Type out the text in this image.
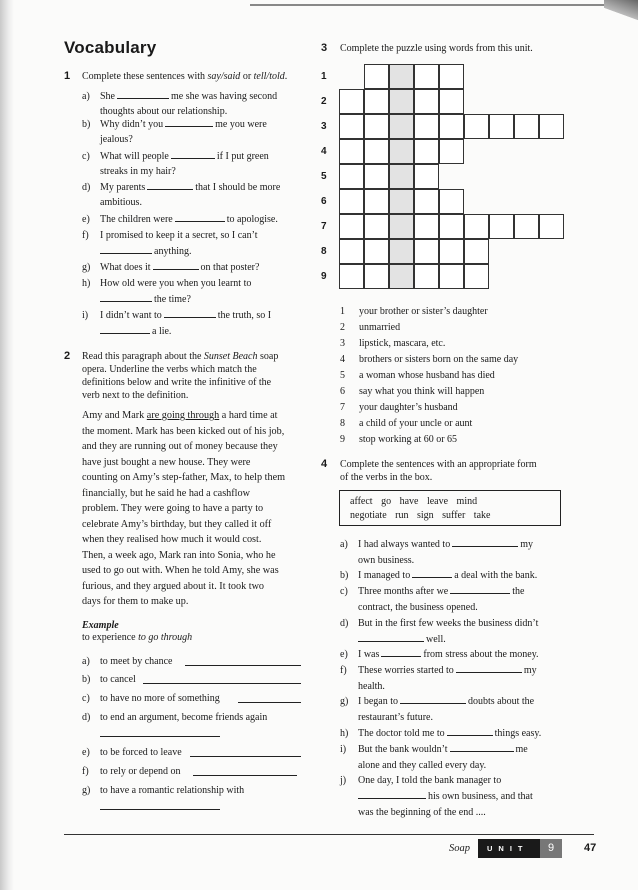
Vocabulary
1 Complete these sentences with say/said or tell/told.
a) She	me she was having second
thoughts about our relationship.
b) Why didn’t you	me you were
jealous?
c) What will people	if I put green
streaks in my hair?
d) My parents	that I should be more
ambitious.
e) The children were	to apologise.
f) I promised to keep it a secret, so I can’t
anything.
g) What does it	on that poster?
h) How old were you when you learnt to
the time?
i) I didn’t want to	the truth, so I
a lie.
2 Read this paragraph about the Sunset Beach soap
opera. Underline the verbs which match the
definitions below and write the infinitive of the
verb next to the definition.
Amy and Mark are going through a hard time at
the moment. Mark has been kicked out of his job,
and they are running out of money because they
have just bought a new house. They were
counting on Amy’s step-father, Max, to help them
financially, but he said he had a cashflow
problem. They were going to have a party to
celebrate Amy’s birthday, but they called it off
when they realised how much it would cost.
Then, a week ago, Mark ran into Sonia, who he
used to go out with. When he told Amy, she was
furious, and they argued about it. It took two
days for them to make up.
Example
to experience to go through
a) to meet by chance
b) to cancel
c) to have no more of something
d) to end an argument, become friends again
e) to be forced to leave
f) to rely or depend on
g) to have a romantic relationship with
3 Complete the puzzle using words from this unit.
1
2
3
4
5
6
7
8
9
1 your brother or sister’s daughter
2 unmarried
3 lipstick, mascara, etc.
4 brothers or sisters born on the same day
5 a woman whose husband has died
6 say what you think will happen
7 your daughter’s husband
8 a child of your uncle or aunt
9 stop working at 60 or 65
4 Complete the sentences with an appropriate form
of the verbs in the box.
affect go have leave mind
negotiate run sign suffer take
a) I had always wanted to	my
own business.
b) I managed to	a deal with the bank.
c) Three months after we	the
contract, the business opened.
d) But in the first few weeks the business didn’t
well.
e) I was	from stress about the money.
f) These worries started to	my
health.
g) I began to	doubts about the
restaurant’s future.
h) The doctor told me to	things easy.
i) But the bank wouldn’t	me
alone and they called every day.
j) One day, I told the bank manager to
his own business, and that
was the beginning of the end ....
Soap UNIT	9	47
